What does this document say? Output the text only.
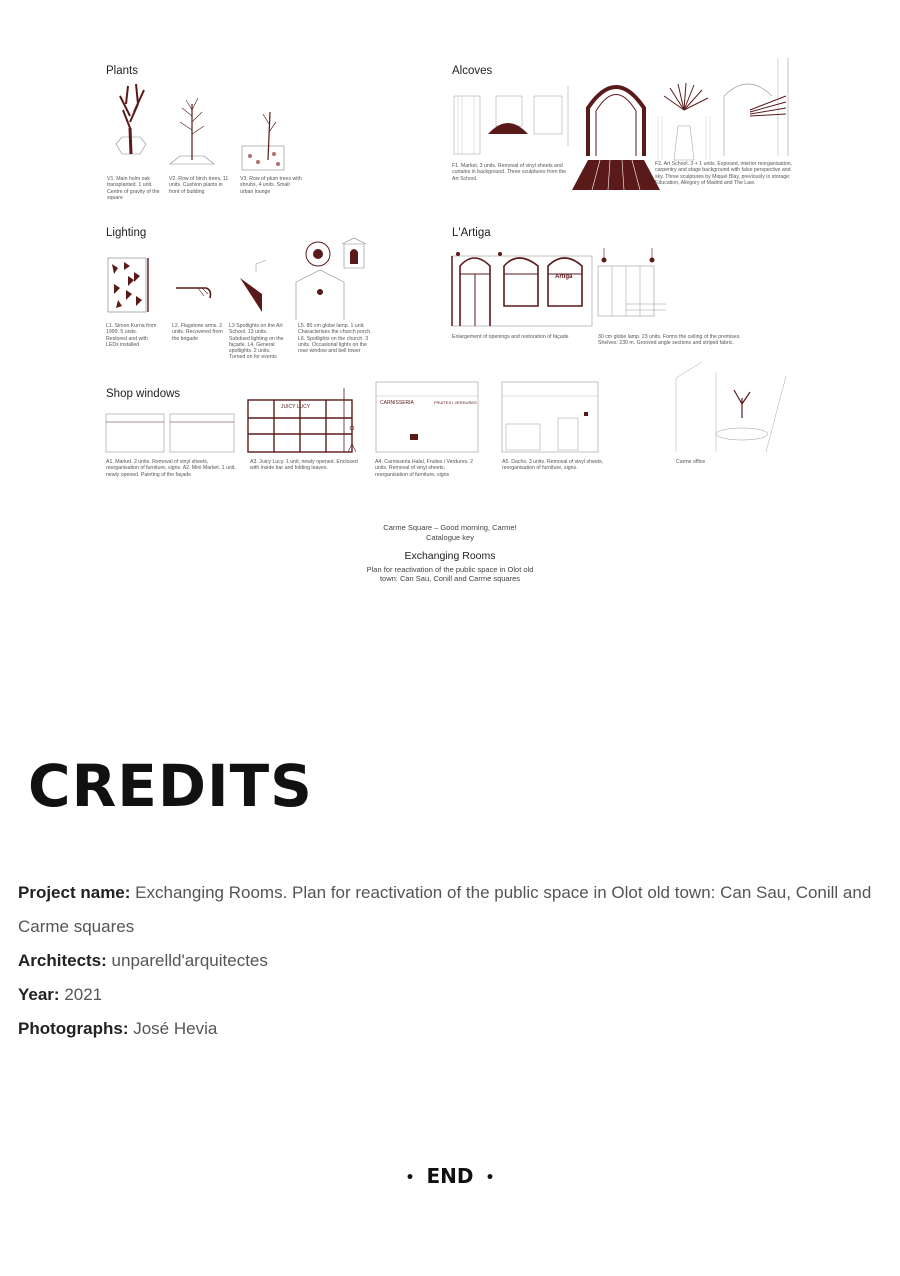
Plants
V1. Main holm oak transplanted. 1 unit. Centre of gravity of the square
V2. Row of birch trees, 11 units. Cushion plants in front of building
V3. Row of plum trees with shrubs, 4 units. Small urban lounge
Alcoves
F1. Market. 3 units. Removal of vinyl sheets and curtains in background. Three sculptures from the Art School.
F2. Art School. 3 + 1 units. Exposed, interior reorganisation, carpentry and stage background with false perspective and sky. Three sculptures by Miquel Blay, previously in storage: Education, Allegory of Madrid and The Law.
Lighting
L1. Simon Kurna from 1999. 5 units. Restored and with LEDs installed
L2. Flagstone arms. 2 units. Recovered from the brigade
L3 Spotlights on the Art School. 13 units. Subdued lighting on the façade. L4. General spotlights. 2 units. Turned on for events
L5. 80 cm globe lamp. 1 unit. Characterises the church porch. L6. Spotlights on the church. 3 units. Occasional lights on the rose window and bell tower
L'Artiga
Artiga
Enlargement of openings and restoration of façade	30 cm globe lamp. 23 units. Forms the ceiling of the premises. Shelves: 230 m. Grooved angle sections and striped fabric.
Shop windows
JUICY LUCY
CARNISSERIA	FRUITES I VERDURES
A1. Market. 2 units. Removal of vinyl sheets, reorganisation of furniture, signs. A2. Mini Market. 1 unit, newly opened. Painting of the façade
A3. Juicy Lucy. 1 unit, newly opened. Enclosed with inside bar and folding leaves.
A4. Carnisseria Halal, Fruites i Verdures. 2 units. Removal of vinyl sheets, reorganisation of furniture, signs
A5. Dachs. 3 units. Removal of vinyl sheets, reorganisation of furniture, signs.
Carme office
Carme Square – Good morning, Carme!
Catalogue key
Exchanging Rooms
Plan for reactivation of the public space in Olot old
town: Can Sau, Conill and Carme squares
CREDITS

Project name: Exchanging Rooms. Plan for reactivation of the public space in Olot old town: Can Sau, Conill and Carme squares

Architects: unparelld'arquitectes

Year: 2021

Photographs: José Hevia

• END •
